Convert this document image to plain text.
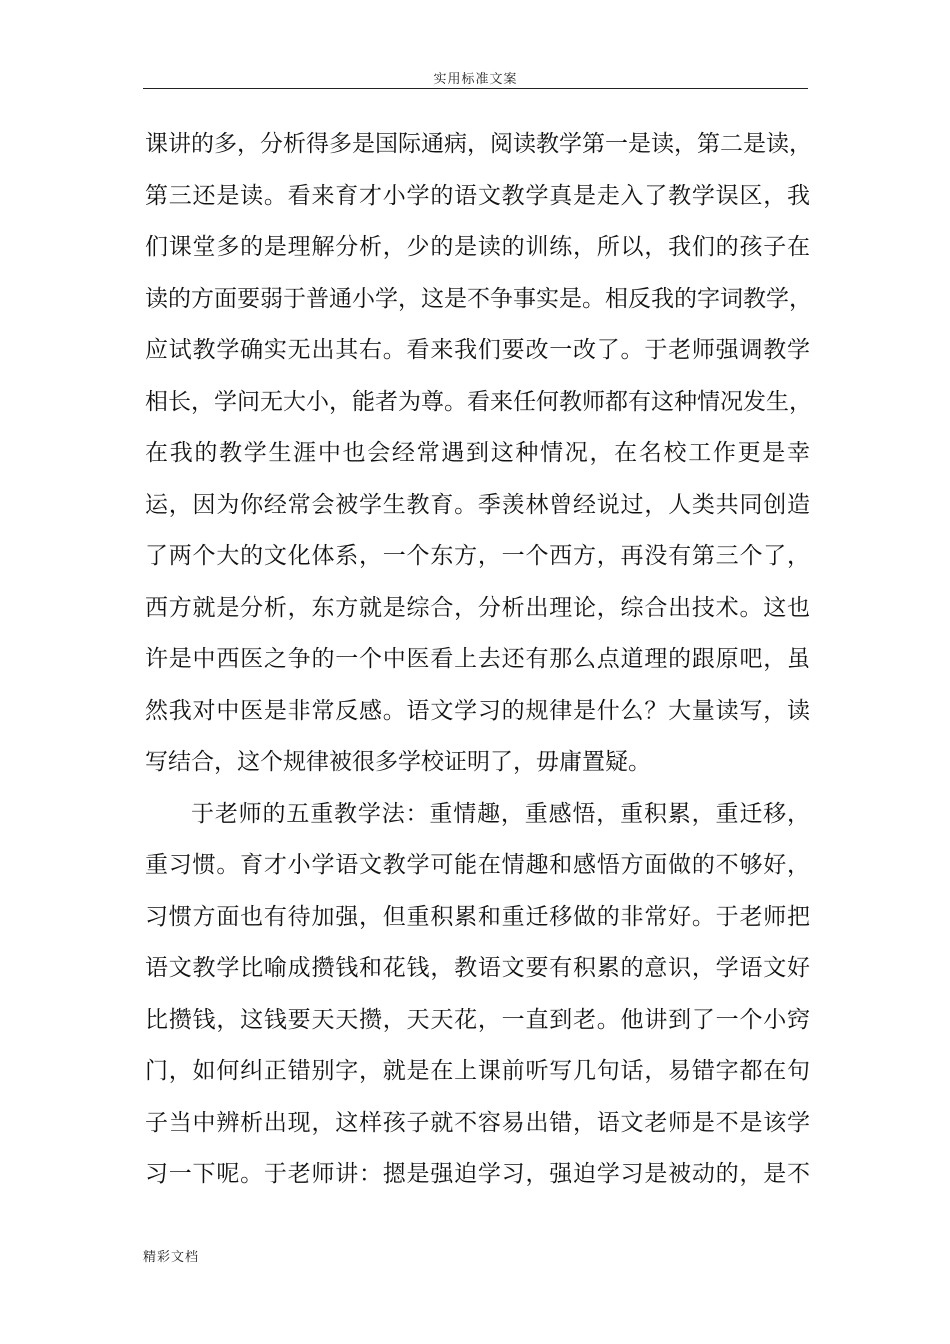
实用标准文案
课讲的多，分析得多是国际通病，阅读教学第一是读，第二是读，
第三还是读。看来育才小学的语文教学真是走入了教学误区，我
们课堂多的是理解分析，少的是读的训练，所以，我们的孩子在
读的方面要弱于普通小学，这是不争事实是。相反我的字词教学，
应试教学确实无出其右。看来我们要改一改了。于老师强调教学
相长，学问无大小，能者为尊。看来任何教师都有这种情况发生，
在我的教学生涯中也会经常遇到这种情况，在名校工作更是幸
运，因为你经常会被学生教育。季羡林曾经说过，人类共同创造
了两个大的文化体系，一个东方，一个西方，再没有第三个了，
西方就是分析，东方就是综合，分析出理论，综合出技术。这也
许是中西医之争的一个中医看上去还有那么点道理的跟原吧，虽
然我对中医是非常反感。语文学习的规律是什么？大量读写，读
写结合，这个规律被很多学校证明了，毋庸置疑。
于老师的五重教学法：重情趣，重感悟，重积累，重迁移，
重习惯。育才小学语文教学可能在情趣和感悟方面做的不够好，
习惯方面也有待加强，但重积累和重迁移做的非常好。于老师把
语文教学比喻成攒钱和花钱，教语文要有积累的意识，学语文好
比攒钱，这钱要天天攒，天天花，一直到老。他讲到了一个小窍
门，如何纠正错别字，就是在上课前听写几句话，易错字都在句
子当中辨析出现，这样孩子就不容易出错，语文老师是不是该学
习一下呢。于老师讲：摁是强迫学习，强迫学习是被动的，是不
精彩文档
